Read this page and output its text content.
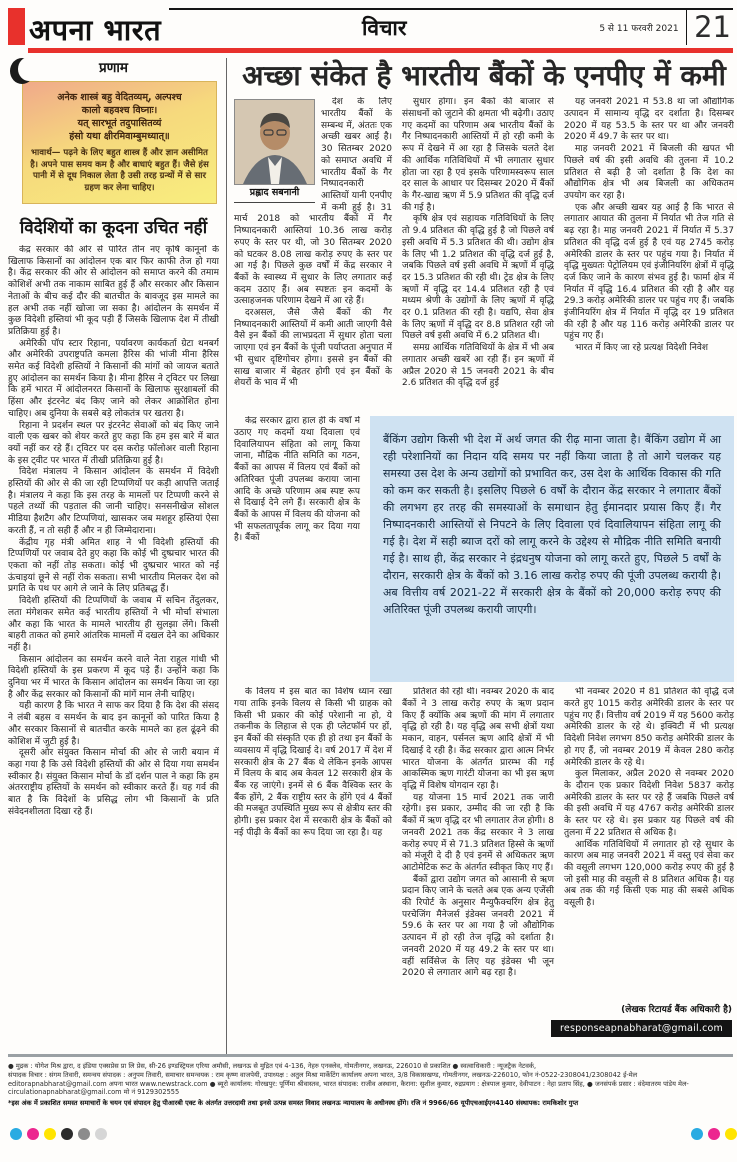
अपना भारत	विचार	5 से 11 फरवरी 2021 21
प्रणाम
अनेक शास्त्रं बहु वेदितव्यम्, अल्पश्च
कालो बहवश्च विघ्नाः।
यत् सारभूतं तदुपासितव्यं
हंसो यथा क्षीरमिवाम्बुमध्यात्॥
भावार्थ— पढ़ने के लिए बहुत शास्त्र हैं और ज्ञान असीमित है। अपने पास समय कम है और बाधाएं बहुत हैं। जैसे हंस पानी में से दूध निकाल लेता है उसी तरह ग्रन्थों में से सार ग्रहण कर लेना चाहिए।
विदेशियों का कूदना उचित नहीं

केंद्र सरकार की ओर से पारित तीन नए कृषि कानूनों के खिलाफ किसानों का आंदोलन एक बार फिर काफी तेज हो गया है। केंद्र सरकार की ओर से आंदोलन को समाप्त करने की तमाम कोशिशें अभी तक नाकाम साबित हुई हैं और सरकार और किसान नेताओं के बीच कई दौर की बातचीत के बावजूद इस मामले का हल अभी तक नहीं खोजा जा सका है। आंदोलन के समर्थन में कुछ विदेशी हस्तियां भी कूद पड़ी हैं जिसके खिलाफ देश में तीखी प्रतिक्रिया हुई है।

अमेरिकी पॉप स्टार रिहाना, पर्यावरण कार्यकर्ता ग्रेटा थनबर्ग और अमेरिकी उपराष्ट्रपति कमला हैरिस की भांजी मीना हैरिस समेत कई विदेशी हस्तियों ने किसानों की मांगों को जायज बताते हुए आंदोलन का समर्थन किया है। मीना हैरिस ने ट्विटर पर लिखा कि हमें भारत में आंदोलनरत किसानों के खिलाफ सुरक्षाबलों की हिंसा और इंटरनेट बंद किए जाने को लेकर आक्रोशित होना चाहिए। अब दुनिया के सबसे बड़े लोकतंत्र पर खतरा है।

रिहाना ने प्रदर्शन स्थल पर इंटरनेट सेवाओं को बंद किए जाने वाली एक खबर को शेयर करते हुए कहा कि हम इस बारे में बात क्यों नहीं कर रहे हैं। ट्विटर पर दस करोड़ फॉलोअर वाली रिहाना के इस ट्वीट पर भारत में तीखी प्रतिक्रिया हुई है।

विदेश मंत्रालय ने किसान आंदोलन के समर्थन में विदेशी हस्तियों की ओर से की जा रही टिप्पणियों पर कड़ी आपत्ति जताई है। मंत्रालय ने कहा कि इस तरह के मामलों पर टिप्पणी करने से पहले तथ्यों की पड़ताल की जानी चाहिए। सनसनीखेज सोशल मीडिया हैशटैग और टिप्पणियां, खासकर जब मशहूर हस्तियां ऐसा करती हैं, न तो सही हैं और न ही जिम्मेदाराना।

केंद्रीय गृह मंत्री अमित शाह ने भी विदेशी हस्तियों की टिप्पणियों पर जवाब देते हुए कहा कि कोई भी दुष्प्रचार भारत की एकता को नहीं तोड़ सकता। कोई भी दुष्प्रचार भारत को नई ऊंचाइयां छूने से नहीं रोक सकता। सभी भारतीय मिलकर देश को प्रगति के पथ पर आगे ले जाने के लिए प्रतिबद्ध हैं।

विदेशी हस्तियों की टिप्पणियों के जवाब में सचिन तेंदुलकर, लता मंगेशकर समेत कई भारतीय हस्तियों ने भी मोर्चा संभाला और कहा कि भारत के मामले भारतीय ही सुलझा लेंगे। किसी बाहरी ताकत को हमारे आंतरिक मामलों में दखल देने का अधिकार नहीं है।

किसान आंदोलन का समर्थन करने वाले नेता राहुल गांधी भी विदेशी हस्तियों के इस प्रकरण में कूद पड़े हैं। उन्होंने कहा कि दुनिया भर में भारत के किसान आंदोलन का समर्थन किया जा रहा है और केंद्र सरकार को किसानों की मांगें मान लेनी चाहिए।

यही कारण है कि भारत ने साफ कर दिया है कि देश की संसद ने लंबी बहस व समर्थन के बाद इन कानूनों को पारित किया है और सरकार किसानों से बातचीत करके मामले का हल ढूंढ़ने की कोशिश में जुटी हुई है।

दूसरी ओर संयुक्त किसान मोर्चा की ओर से जारी बयान में कहा गया है कि उसे विदेशी हस्तियों की ओर से दिया गया समर्थन स्वीकार है। संयुक्त किसान मोर्चा के डॉ दर्शन पाल ने कहा कि हम अंतरराष्ट्रीय हस्तियों के समर्थन को स्वीकार करते हैं। यह गर्व की बात है कि विदेशों के प्रसिद्ध लोग भी किसानों के प्रति संवेदनशीलता दिखा रहे हैं।

अच्छा संकेत है भारतीय बैंकों के एनपीए में कमी
प्रह्लाद सबनानी

देश के लिए भारतीय बैंकों के सम्बन्ध में, अंततः एक अच्छी खबर आई है। 30 सितम्बर 2020 को समाप्त अवधि में भारतीय बैंकों के गैर निष्पादनकारी आस्तियों यानी एनपीए में कमी हुई है। 31 मार्च 2018 को भारतीय बैंकों में गैर निष्पादनकारी आस्तियां 10.36 लाख करोड़ रुपए के स्तर पर थी, जो 30 सितम्बर 2020 को घटकर 8.08 लाख करोड़ रुपए के स्तर पर आ गई है। पिछले कुछ वर्षों में केंद्र सरकार ने बैंकों के स्वास्थ्य में सुधार के लिए लगातार कई कदम उठाए हैं। अब स्पष्टतः इन कदमों के उत्साहजनक परिणाम देखने में आ रहे हैं।

दरअसल, जैसे जैसे बैंकों की गैर निष्पादनकारी आस्तियों में कमी आती जाएगी वैसे वैसे इन बैंकों की लाभप्रदता में सुधार होता चला जाएगा एवं इन बैंकों के पूंजी पर्याप्तता अनुपात में भी सुधार दृष्टिगोचर होगा। इससे इन बैंकों की साख बाजार में बेहतर होगी एवं इन बैंकों के शेयरों के भाव में भी

सुधार होगा। इन बैंकों की बाजार से संसाधनों को जुटाने की क्षमता भी बढ़ेगी। उठाए गए कदमों का परिणाम अब भारतीय बैंकों के गैर निष्पादनकारी आस्तियों में हो रही कमी के रूप में देखने में आ रहा है जिसके चलते देश की आर्थिक गतिविधियों में भी लगातार सुधार होता जा रहा है एवं इसके परिणामस्वरूप साल दर साल के आधार पर दिसम्बर 2020 में बैंकों के गैर-खाद्य ऋण में 5.9 प्रतिशत की वृद्धि दर्ज की गई है।

कृषि क्षेत्र एवं सहायक गतिविधियों के लिए तो 9.4 प्रतिशत की वृद्धि हुई है जो पिछले वर्ष इसी अवधि में 5.3 प्रतिशत की थी। उद्योग क्षेत्र के लिए भी 1.2 प्रतिशत की वृद्धि दर्ज हुई है, जबकि पिछले वर्ष इसी अवधि में ऋणों में वृद्धि दर 15.3 प्रतिशत की रही थी। ट्रेड क्षेत्र के लिए ऋणों में वृद्धि दर 14.4 प्रतिशत रही है एवं मध्यम श्रेणी के उद्योगों के लिए ऋणों में वृद्धि दर 0.1 प्रतिशत की रही है। यद्यपि, सेवा क्षेत्र के लिए ऋणों में वृद्धि दर 8.8 प्रतिशत रही जो पिछले वर्ष इसी अवधि में 6.2 प्रतिशत थी।

समग्र आर्थिक गतिविधियों के क्षेत्र में भी अब लगातार अच्छी खबरें आ रही हैं। इन ऋणों में अप्रैल 2020 से 15 जनवरी 2021 के बीच 2.6 प्रतिशत की वृद्धि दर्ज हुई

यह जनवरी 2021 में 53.8 था जो औद्योगिक उत्पादन में सामान्य वृद्धि दर दर्शाता है। दिसम्बर 2020 में यह 53.5 के स्तर पर था और जनवरी 2020 में 49.7 के स्तर पर था।

माह जनवरी 2021 में बिजली की खपत भी पिछले वर्ष की इसी अवधि की तुलना में 10.2 प्रतिशत से बढ़ी है जो दर्शाता है कि देश का औद्योगिक क्षेत्र भी अब बिजली का अधिकतम उपयोग कर रहा है।

एक और अच्छी खबर यह आई है कि भारत से लगातार आयात की तुलना में निर्यात भी तेज गति से बढ़ रहा है। माह जनवरी 2021 में निर्यात में 5.37 प्रतिशत की वृद्धि दर्ज हुई है एवं यह 2745 करोड़ अमेरिकी डालर के स्तर पर पहुंच गया है। निर्यात में वृद्धि मुख्यतः पेट्रोलियम एवं इंजीनियरिंग क्षेत्रों में वृद्धि दर्ज किए जाने के कारण संभव हुई है। फार्मा क्षेत्र में निर्यात में वृद्धि 16.4 प्रतिशत की रही है और यह 29.3 करोड़ अमेरिकी डालर पर पहुंच गए हैं। जबकि इंजीनियरिंग क्षेत्र में निर्यात में वृद्धि दर 19 प्रतिशत की रही है और यह 116 करोड़ अमेरिकी डालर पर पहुंच गए हैं।

भारत में किए जा रहे प्रत्यक्ष विदेशी निवेश

केंद्र सरकार द्वारा हाल ही के वर्षों में उठाए गए कदमों यथा दिवाला एवं दिवालियापन संहिता को लागू किया जाना, मौद्रिक नीति समिति का गठन, बैंकों का आपस में विलय एवं बैंकों को अतिरिक्त पूंजी उपलब्ध कराया जाना आदि के अच्छे परिणाम अब स्पष्ट रूप से दिखाई देने लगे हैं। सरकारी क्षेत्र के बैंकों के आपस में विलय की योजना को भी सफलतापूर्वक लागू कर दिया गया है। बैंकों

बैंकिंग उद्योग किसी भी देश में अर्थ जगत की रीढ़ माना जाता है। बैंकिंग उद्योग में आ रही परेशानियों का निदान यदि समय पर नहीं किया जाता है तो आगे चलकर यह समस्या उस देश के अन्य उद्योगों को प्रभावित कर, उस देश के आर्थिक विकास की गति को कम कर सकती है। इसलिए पिछले 6 वर्षों के दौरान केंद्र सरकार ने लगातार बैंकों की लगभग हर तरह की समस्याओं के समाधान हेतु ईमानदार प्रयास किए हैं। गैर निष्पादनकारी आस्तियों से निपटने के लिए दिवाला एवं दिवालियापन संहिता लागू की गई है। देश में सही ब्याज दरों को लागू करने के उद्देश्य से मौद्रिक नीति समिति बनायी गई है। साथ ही, केंद्र सरकार ने इंद्रधनुष योजना को लागू करते हुए, पिछले 5 वर्षों के दौरान, सरकारी क्षेत्र के बैंकों को 3.16 लाख करोड़ रुपए की पूंजी उपलब्ध करायी है। अब वित्तीय वर्ष 2021-22 में सरकारी क्षेत्र के बैंकों को 20,000 करोड़ रुपए की अतिरिक्त पूंजी उपलब्ध करायी जाएगी।

के विलय में इस बात का विशेष ध्यान रखा गया ताकि इनके विलय से किसी भी ग्राहक को किसी भी प्रकार की कोई परेशानी ना हो, ये तकनीक के लिहाज से एक ही प्लेटफॉर्म पर हों, इन बैंकों की संस्कृति एक ही हो तथा इन बैंकों के व्यवसाय में वृद्धि दिखाई दे। वर्ष 2017 में देश में सरकारी क्षेत्र के 27 बैंक थे लेकिन इनके आपस में विलय के बाद अब केवल 12 सरकारी क्षेत्र के बैंक रह जाएंगे। इनमें से 6 बैंक वैश्विक स्तर के बैंक होंगे, 2 बैंक राष्ट्रीय स्तर के होंगे एवं 4 बैंकों की मजबूत उपस्थिति मुख्य रूप से क्षेत्रीय स्तर की होगी। इस प्रकार देश में सरकारी क्षेत्र के बैंकों को नई पीढ़ी के बैंकों का रूप दिया जा रहा है। यह

प्रतिशत की रही थी। नवम्बर 2020 के बाद बैंकों ने 3 लाख करोड़ रुपए के ऋण प्रदान किए हैं क्योंकि अब ऋणों की मांग में लगातार वृद्धि हो रही है। यह वृद्धि अब सभी क्षेत्रों यथा मकान, वाहन, पर्सनल ऋण आदि क्षेत्रों में भी दिखाई दे रही है। केंद्र सरकार द्वारा आत्म निर्भर भारत योजना के अंतर्गत प्रारम्भ की गई आकस्मिक ऋण गारंटी योजना का भी इस ऋण वृद्धि में विशेष योगदान रहा है।

यह योजना 15 मार्च 2021 तक जारी रहेगी। इस प्रकार, उम्मीद की जा रही है कि बैंकों में ऋण वृद्धि दर भी लगातार तेज होगी। 8 जनवरी 2021 तक केंद्र सरकार ने 3 लाख करोड़ रुपए में से 71.3 प्रतिशत हिस्से के ऋणों को मंजूरी दे दी है एवं इनमें से अधिकतर ऋण आटोमेटिक रूट के अंतर्गत स्वीकृत किए गए हैं।

बैंकों द्वारा उद्योग जगत को आसानी से ऋण प्रदान किए जाने के चलते अब एक अन्य एजेंसी की रिपोर्ट के अनुसार मैन्युफैक्चरिंग क्षेत्र हेतु परचेजिंग मैनेजर्स इंडेक्स जनवरी 2021 में 59.6 के स्तर पर आ गया है जो औद्योगिक उत्पादन में हो रही तेज वृद्धि को दर्शाता है। जनवरी 2020 में यह 49.2 के स्तर पर था। वहीं सर्विसेज के लिए यह इंडेक्स भी जून 2020 से लगातार आगे बढ़ रहा है।

भी नवम्बर 2020 में 81 प्रतिशत की वृद्धि दर्ज करते हुए 1015 करोड़ अमेरिकी डालर के स्तर पर पहुंच गए हैं। वित्तीय वर्ष 2019 में यह 5600 करोड़ अमेरिकी डालर के रहे थे। इक्विटी में भी प्रत्यक्ष विदेशी निवेश लगभग 850 करोड़ अमेरिकी डालर के हो गए हैं, जो नवम्बर 2019 में केवल 280 करोड़ अमेरिकी डालर के रहे थे।

कुल मिलाकर, अप्रैल 2020 से नवम्बर 2020 के दौरान एक प्रकार विदेशी निवेश 5837 करोड़ अमेरिकी डालर के स्तर पर रहे हैं जबकि पिछले वर्ष की इसी अवधि में यह 4767 करोड़ अमेरिकी डालर के स्तर पर रहे थे। इस प्रकार यह पिछले वर्ष की तुलना में 22 प्रतिशत से अधिक है।

आर्थिक गतिविधियों में लगातार हो रहे सुधार के कारण अब माह जनवरी 2021 में वस्तु एवं सेवा कर की वसूली लगभग 120,000 करोड़ रुपए की हुई है जो इसी माह की वसूली से 8 प्रतिशत अधिक है। यह अब तक की गई किसी एक माह की सबसे अधिक वसूली है।

(लेखक रिटायर्ड बैंक अधिकारी है)
responseapnabharat@gmail.com

● मुद्रक : योगेश मिश्र द्वारा, द इंडिया एक्सप्रेस प्रा लि प्रेस, सी-26 इण्डस्ट्रियल एरिया अमौसी, लखनऊ से मुद्रित एवं 4-136, नेहरु एनक्लेव, गोमतीनगर, लखनऊ, 226010 से प्रकाशित ● स्वत्वाधिकारी : न्यूजट्रैक नेटवर्क,

संपादक विचार : संगम तिवारी, समन्वय संपादक : अनुपम तिवारी, समाचार समन्वयक : राम कृष्ण वाजपेयी, उपाध्यक्ष : अतुल मिश्रा मार्केटिंग कार्यालय अपना भारत, 3/8 विकासखण्ड, गोमतीनगर, लखनऊ-226010, फोन नं-0522-2308041/2308042 ई-मेल

editorapnabharat@gmail.com अपना भारत www.newstrack.com ● ब्यूरो कार्यालय: गोरखपुर: पूर्णिमा श्रीवास्तव, भारत संपादक: राजीव अस्थाना, कैराना: सुशील कुमार, रुद्रप्रयाग : क्षेत्रपाल कुमार, देवीपाटन : नेहा प्रताप सिंह, ● जनसंपर्क प्रसार : वंदेमातरम पांडेय मेल-

circulationapnabharat@gmail.com मो नं 9129302555

*इस अंक में प्रकाशित समस्त समाचारों के चयन एवं संपादन हेतु पीआरबी एक्ट के अंतर्गत उत्तरदायी तथा इनसे उत्पन्न समस्त विवाद लखनऊ न्यायालय के अधीनस्थ होंगे। रजि नं 9966/66 यूपीएचआईएन4140 संस्थापक: रामकिशोर गुप्त
